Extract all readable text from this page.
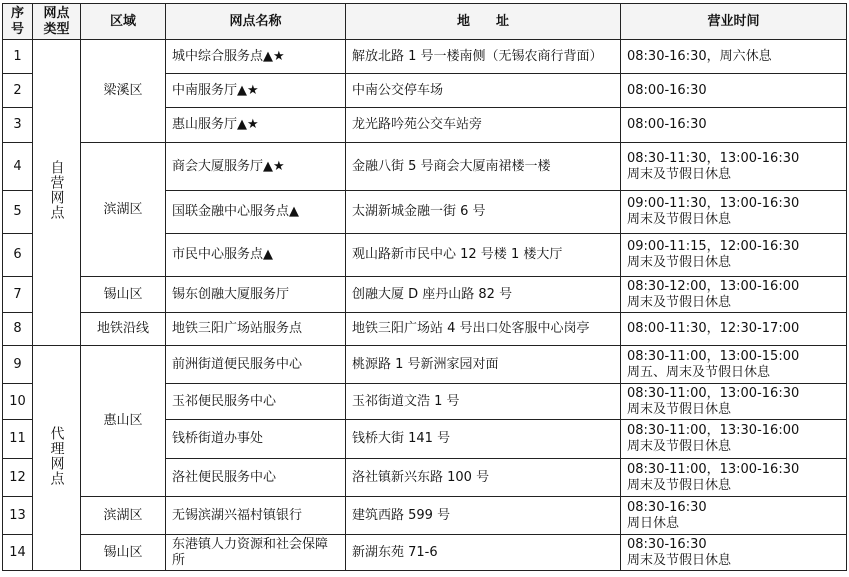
序
号	网点
类型	区域	网点名称	地　　址	营业时间
1	自营网点	梁溪区	城中综合服务点▲★	解放北路 1 号一楼南侧（无锡农商行背面）	08:30-16:30，周六休息

2			中南服务厅▲★	中南公交停车场	08:00-16:30

3			惠山服务厅▲★	龙光路吟苑公交车站旁	08:00-16:30

4		滨湖区	商会大厦服务厅▲★	金融八街 5 号商会大厦南裙楼一楼	08:30-11:30，13:00-16:30
周末及节假日休息

5			国联金融中心服务点▲	太湖新城金融一街 6 号	09:00-11:30，13:00-16:30
周末及节假日休息

6			市民中心服务点▲	观山路新市民中心 12 号楼 1 楼大厅	09:00-11:15，12:00-16:30
周末及节假日休息

7		锡山区	锡东创融大厦服务厅	创融大厦 D 座丹山路 82 号	08:30-12:00，13:00-16:00
周末及节假日休息

8		地铁沿线	地铁三阳广场站服务点	地铁三阳广场站 4 号出口处客服中心岗亭	08:00-11:30，12:30-17:00

9	代理网点	惠山区	前洲街道便民服务中心	桃源路 1 号新洲家园对面	08:30-11:00，13:00-15:00
周五、周末及节假日休息

10			玉祁便民服务中心	玉祁街道文浩 1 号	08:30-11:00，13:00-16:30
周末及节假日休息

11			钱桥街道办事处	钱桥大街 141 号	08:30-11:00，13:30-16:00
周末及节假日休息

12			洛社便民服务中心	洛社镇新兴东路 100 号	08:30-11:00，13:00-16:30
周末及节假日休息

13		滨湖区	无锡滨湖兴福村镇银行	建筑西路 599 号	08:30-16:30
周日休息

14		锡山区	东港镇人力资源和社会保障所	新湖东苑 71-6	08:30-16:30
周末及节假日休息
